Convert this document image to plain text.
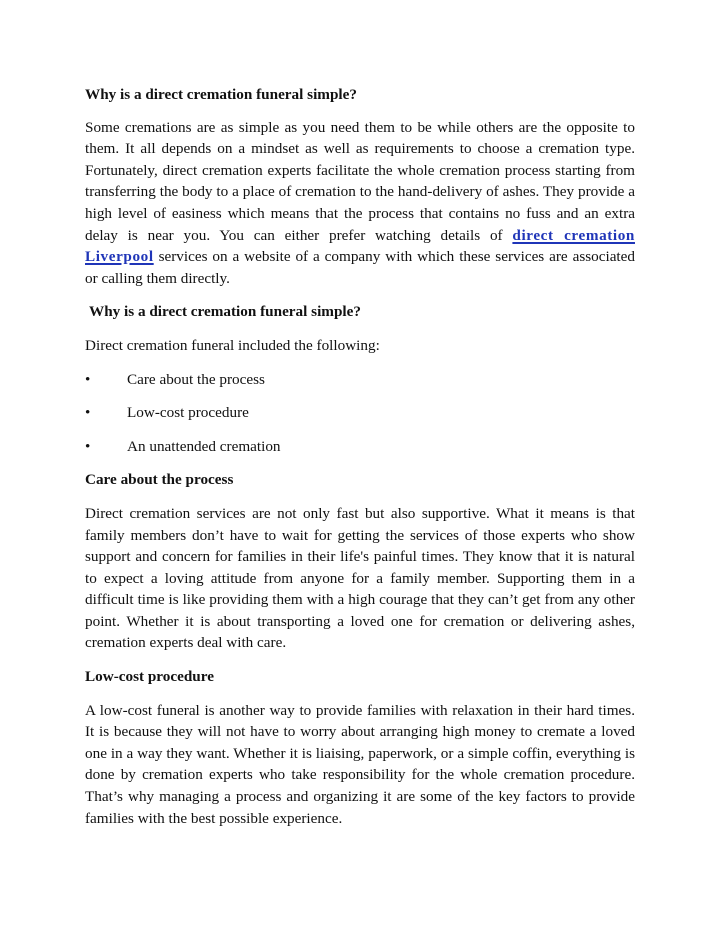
Why is a direct cremation funeral simple?

Some cremations are as simple as you need them to be while others are the opposite to them. It all depends on a mindset as well as requirements to choose a cremation type. Fortunately, direct cremation experts facilitate the whole cremation process starting from transferring the body to a place of cremation to the hand-delivery of ashes. They provide a high level of easiness which means that the process that contains no fuss and an extra delay is near you. You can either prefer watching details of direct cremation Liverpool services on a website of a company with which these services are associated or calling them directly.

Why is a direct cremation funeral simple?

Direct cremation funeral included the following:

•	Care about the process
•	Low-cost procedure
•	An unattended cremation

Care about the process

Direct cremation services are not only fast but also supportive. What it means is that family members don’t have to wait for getting the services of those experts who show support and concern for families in their life's painful times. They know that it is natural to expect a loving attitude from anyone for a family member. Supporting them in a difficult time is like providing them with a high courage that they can’t get from any other point. Whether it is about transporting a loved one for cremation or delivering ashes, cremation experts deal with care.

Low-cost procedure

A low-cost funeral is another way to provide families with relaxation in their hard times. It is because they will not have to worry about arranging high money to cremate a loved one in a way they want. Whether it is liaising, paperwork, or a simple coffin, everything is done by cremation experts who take responsibility for the whole cremation procedure. That’s why managing a process and organizing it are some of the key factors to provide families with the best possible experience.
